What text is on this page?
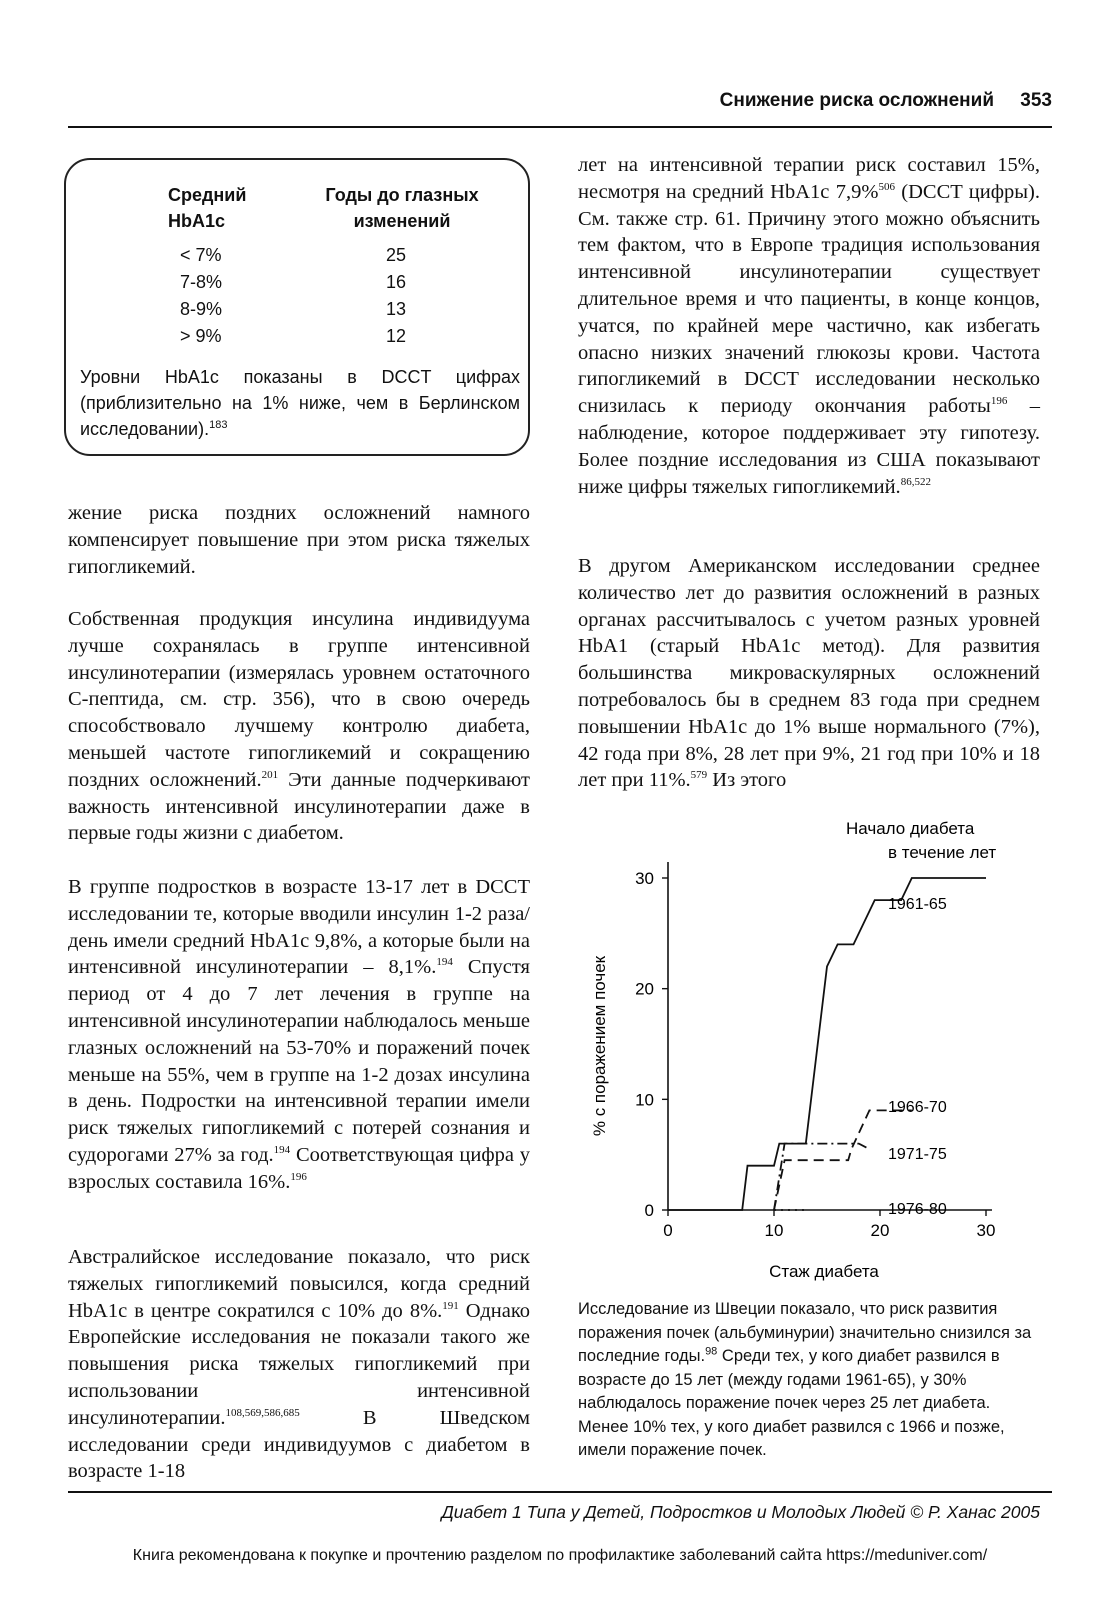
Снижение риска осложнений 353
Средний HbA1c
Годы до глазных изменений
< 7%	25
7-8%	16
8-9%	13
> 9%	12
Уровни HbA1c показаны в DCCT цифрах (приблизительно на 1% ниже, чем в Берлинском исследовании).$^{183}$

жение риска поздних осложнений намного компенсирует повышение при этом риска тяжелых гипогликемий.

Собственная продукция инсулина индивидуума лучше сохранялась в группе интенсивной инсулинотерапии (измерялась уровнем остаточного С-пептида, см. стр. 356), что в свою очередь способствовало лучшему контролю диабета, меньшей частоте гипогликемий и сокращению поздних осложнений.$^{201}$ Эти данные подчеркивают важность интенсивной инсулинотерапии даже в первые годы жизни с диабетом.

В группе подростков в возрасте 13-17 лет в DCCT исследовании те, которые вводили инсулин 1-2 раза/день имели средний HbA1c 9,8%, а которые были на интенсивной инсулинотерапии – 8,1%.$^{194}$ Спустя период от 4 до 7 лет лечения в группе на интенсивной инсулинотерапии наблюдалось меньше глазных осложнений на 53-70% и поражений почек меньше на 55%, чем в группе на 1-2 дозах инсулина в день. Подростки на интенсивной терапии имели риск тяжелых гипогликемий с потерей сознания и судорогами 27% за год.$^{194}$ Соответствующая цифра у взрослых составила 16%.$^{196}$

Австралийское исследование показало, что риск тяжелых гипогликемий повысился, когда средний HbA1c в центре сократился с 10% до 8%.$^{191}$ Однако Европейские исследования не показали такого же повышения риска тяжелых гипогликемий при использовании интенсивной инсулинотерапии.$^{108,569,586,685}$ В Шведском исследовании среди индивидуумов с диабетом в возрасте 1-18

лет на интенсивной терапии риск составил 15%, несмотря на средний HbA1c 7,9%$^{506}$ (DCCT цифры). См. также стр. 61. Причину этого можно объяснить тем фактом, что в Европе традиция использования интенсивной инсулинотерапии существует длительное время и что пациенты, в конце концов, учатся, по крайней мере частично, как избегать опасно низких значений глюкозы крови. Частота гипогликемий в DCCT исследовании несколько снизилась к периоду окончания работы$^{196}$ – наблюдение, которое поддерживает эту гипотезу. Более поздние исследования из США показывают ниже цифры тяжелых гипогликемий.$^{86,522}$

В другом Американском исследовании среднее количество лет до развития осложнений в разных органах рассчитывалось с учетом разных уровней HbA1 (старый HbA1c метод). Для развития большинства микроваскулярных осложнений потребовалось бы в среднем 83 года при среднем повышении HbA1c до 1% выше нормального (7%), 42 года при 8%, 28 лет при 9%, 21 год при 10% и 18 лет при 11%.$^{579}$ Из этого

Начало диабета
в течение лет
% с поражением почек
Стаж диабета
0
10
20
30
0	10	20	30
1961-65
1966-70
1971-75
1976-80
Исследование из Швеции показало, что риск развития поражения почек (альбуминурии) значительно снизился за последние годы.$^{98}$ Среди тех, у кого диабет развился в возрасте до 15 лет (между годами 1961-65), у 30% наблюдалось поражение почек через 25 лет диабета. Менее 10% тех, у кого диабет развился с 1966 и позже, имели поражение почек.
Диабет 1 Типа у Детей, Подростков и Молодых Людей © Р. Ханас 2005
Книга рекомендована к покупке и прочтению разделом по профилактике заболеваний сайта https://meduniver.com/
